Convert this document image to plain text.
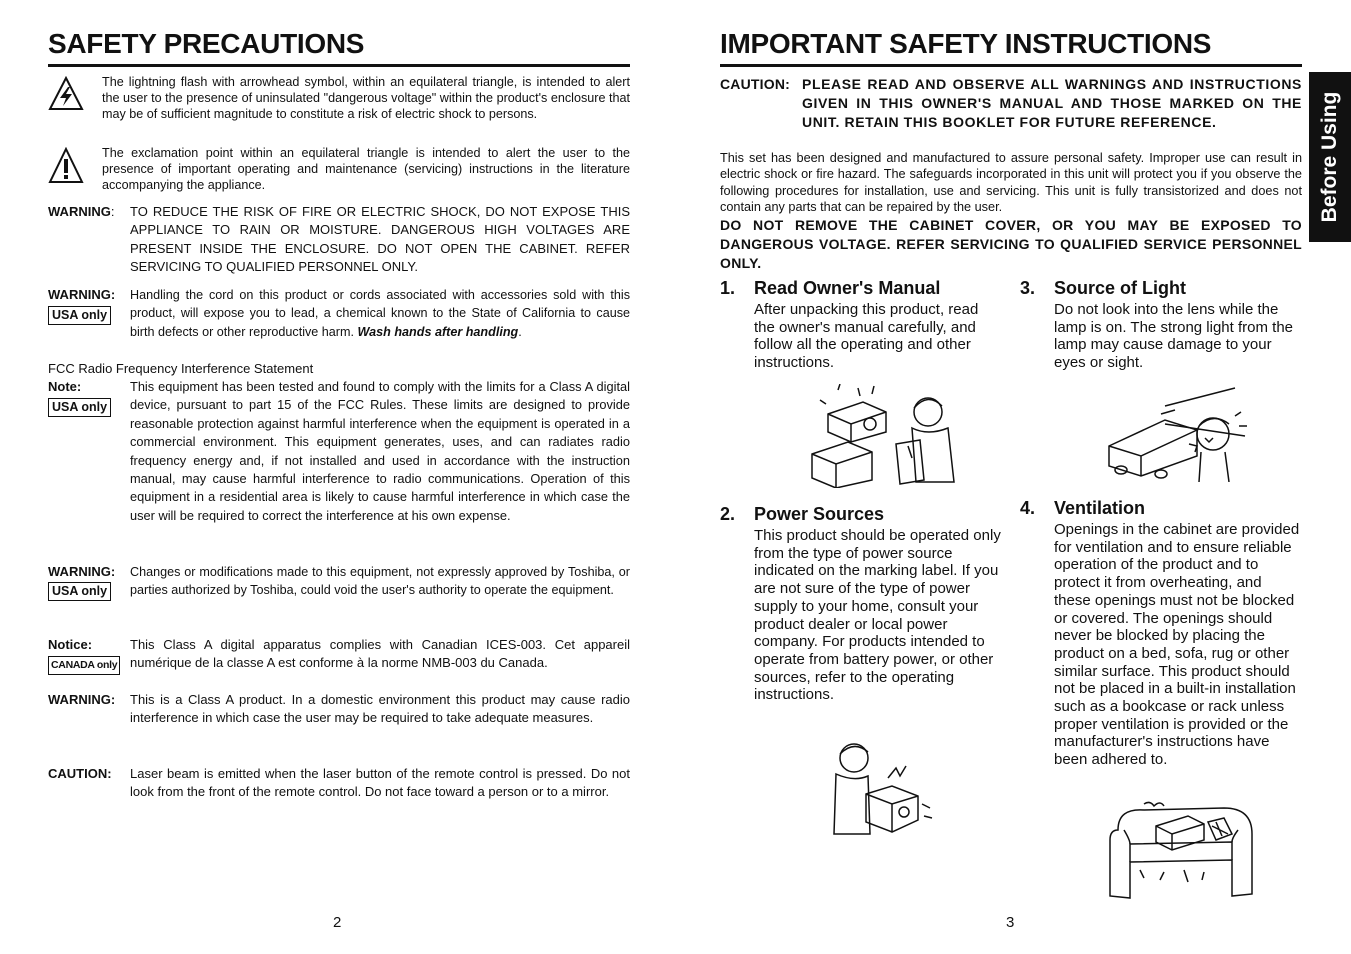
SAFETY PRECAUTIONS
The lightning flash with arrowhead symbol, within an equilateral triangle, is intended to alert the user to the presence of uninsulated "dangerous voltage" within the product's enclosure that may be of sufficient magnitude to constitute a risk of electric shock to persons.
The exclamation point within an equilateral triangle is intended to alert the user to the presence of important operating and maintenance (servicing) instructions in the literature accompanying the appliance.
WARNING: TO REDUCE THE RISK OF FIRE OR ELECTRIC SHOCK, DO NOT EXPOSE THIS APPLIANCE TO RAIN OR MOISTURE. DANGEROUS HIGH VOLTAGES ARE PRESENT INSIDE THE ENCLOSURE. DO NOT OPEN THE CABINET. REFER SERVICING TO QUALIFIED PERSONNEL ONLY.
WARNING:
USA only
Handling the cord on this product or cords associated with accessories sold with this product, will expose you to lead, a chemical known to the State of California to cause birth defects or other reproductive harm. Wash hands after handling.
FCC Radio Frequency Interference Statement
Note:
USA only
This equipment has been tested and found to comply with the limits for a Class A digital device, pursuant to part 15 of the FCC Rules. These limits are designed to provide reasonable protection against harmful interference when the equipment is operated in a commercial environment. This equipment generates, uses, and can radiates radio frequency energy and, if not installed and used in accordance with the instruction manual, may cause harmful interference to radio communications. Operation of this equipment in a residential area is likely to cause harmful interference in which case the user will be required to correct the interference at his own expense.
WARNING:
USA only
Changes or modifications made to this equipment, not expressly approved by Toshiba, or parties authorized by Toshiba, could void the user's authority to operate the equipment.
Notice:
CANADA only
This Class A digital apparatus complies with Canadian ICES-003. Cet appareil numérique de la classe A est conforme à la norme NMB-003 du Canada.
WARNING: This is a Class A product. In a domestic environment this product may cause radio interference in which case the user may be required to take adequate measures.
CAUTION: Laser beam is emitted when the laser button of the remote control is pressed. Do not look from the front of the remote control. Do not face toward a person or to a mirror.
2
IMPORTANT SAFETY INSTRUCTIONS
CAUTION: PLEASE READ AND OBSERVE ALL WARNINGS AND INSTRUCTIONS GIVEN IN THIS OWNER'S MANUAL AND THOSE MARKED ON THE UNIT. RETAIN THIS BOOKLET FOR FUTURE REFERENCE.
This set has been designed and manufactured to assure personal safety. Improper use can result in electric shock or fire hazard. The safeguards incorporated in this unit will protect you if you observe the following procedures for installation, use and servicing. This unit is fully transistorized and does not contain any parts that can be repaired by the user.
DO NOT REMOVE THE CABINET COVER, OR YOU MAY BE EXPOSED TO DANGEROUS VOLTAGE. REFER SERVICING TO QUALIFIED SERVICE PERSONNEL ONLY.
1. Read Owner's Manual
After unpacking this product, read the owner's manual carefully, and follow all the operating and other instructions.
2. Power Sources
This product should be operated only from the type of power source indicated on the marking label. If you are not sure of the type of power supply to your home, consult your product dealer or local power company. For products intended to operate from battery power, or other sources, refer to the operating instructions.
3. Source of Light
Do not look into the lens while the lamp is on. The strong light from the lamp may cause damage to your eyes or sight.
4. Ventilation
Openings in the cabinet are provided for ventilation and to ensure reliable operation of the product and to protect it from overheating, and these openings must not be blocked or covered. The openings should never be blocked by placing the product on a bed, sofa, rug or other similar surface. This product should not be placed in a built-in installation such as a bookcase or rack unless proper ventilation is provided or the manufacturer's instructions have been adhered to.
3
Before Using
